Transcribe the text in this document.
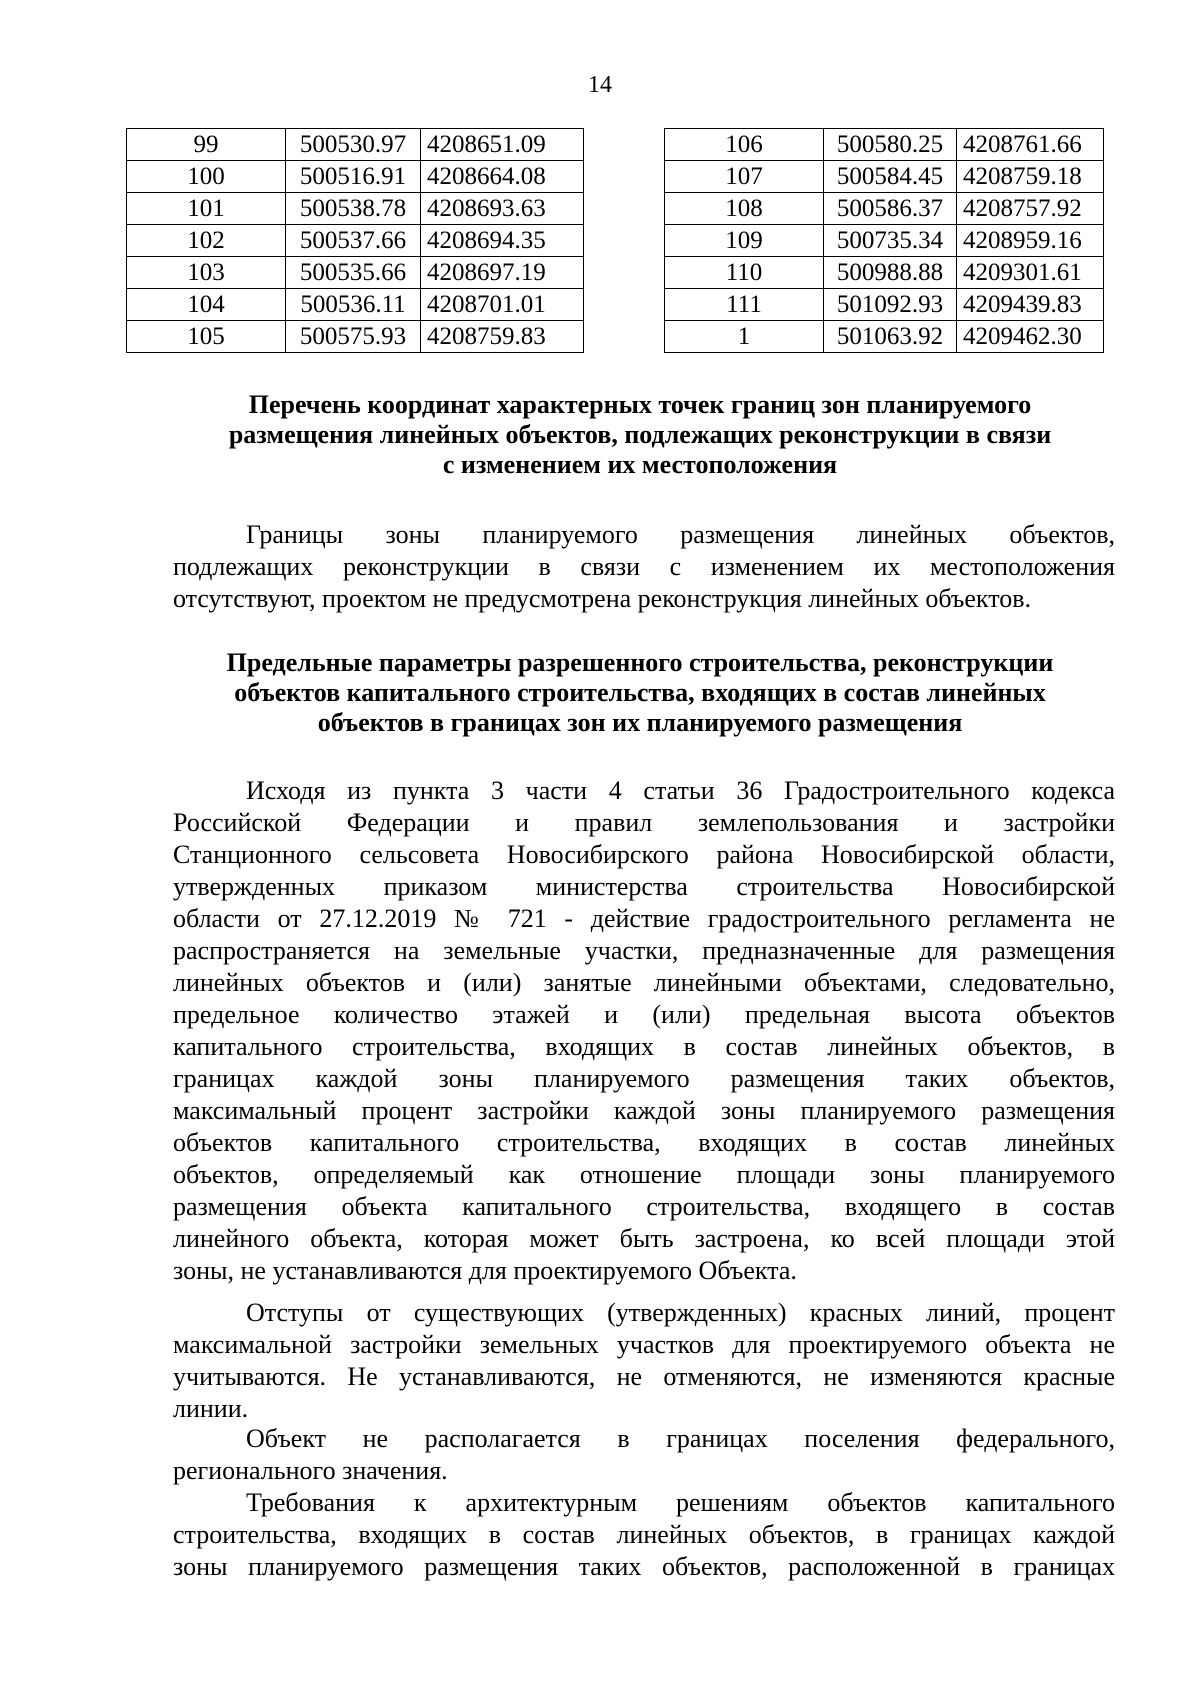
14
99	500530.97	4208651.09
100	500516.91	4208664.08
101	500538.78	4208693.63
102	500537.66	4208694.35
103	500535.66	4208697.19
104	500536.11	4208701.01
105	500575.93	4208759.83
106	500580.25	4208761.66
107	500584.45	4208759.18
108	500586.37	4208757.92
109	500735.34	4208959.16
110	500988.88	4209301.61
111	501092.93	4209439.83
1	501063.92	4209462.30
Перечень координат характерных точек границ зон планируемого
размещения линейных объектов, подлежащих реконструкции в связи
с изменением их местоположения
Границы зоны планируемого размещения линейных объектов,
подлежащих реконструкции в связи с изменением их местоположения
отсутствуют, проектом не предусмотрена реконструкция линейных объектов.
Предельные параметры разрешенного строительства, реконструкции
объектов капитального строительства, входящих в состав линейных
объектов в границах зон их планируемого размещения
Исходя из пункта 3 части 4 статьи 36 Градостроительного кодекса
Российской Федерации и правил землепользования и застройки
Станционного сельсовета Новосибирского района Новосибирской области,
утвержденных приказом министерства строительства Новосибирской
области от 27.12.2019 № 721 - действие градостроительного регламента не
распространяется на земельные участки, предназначенные для размещения
линейных объектов и (или) занятые линейными объектами, следовательно,
предельное количество этажей и (или) предельная высота объектов
капитального строительства, входящих в состав линейных объектов, в
границах каждой зоны планируемого размещения таких объектов,
максимальный процент застройки каждой зоны планируемого размещения
объектов капитального строительства, входящих в состав линейных
объектов, определяемый как отношение площади зоны планируемого
размещения объекта капитального строительства, входящего в состав
линейного объекта, которая может быть застроена, ко всей площади этой
зоны, не устанавливаются для проектируемого Объекта.
Отступы от существующих (утвержденных) красных линий, процент
максимальной застройки земельных участков для проектируемого объекта не
учитываются. Не устанавливаются, не отменяются, не изменяются красные
линии.
Объект не располагается в границах поселения федерального,
регионального значения.
Требования к архитектурным решениям объектов капитального
строительства, входящих в состав линейных объектов, в границах каждой
зоны планируемого размещения таких объектов, расположенной в границах
